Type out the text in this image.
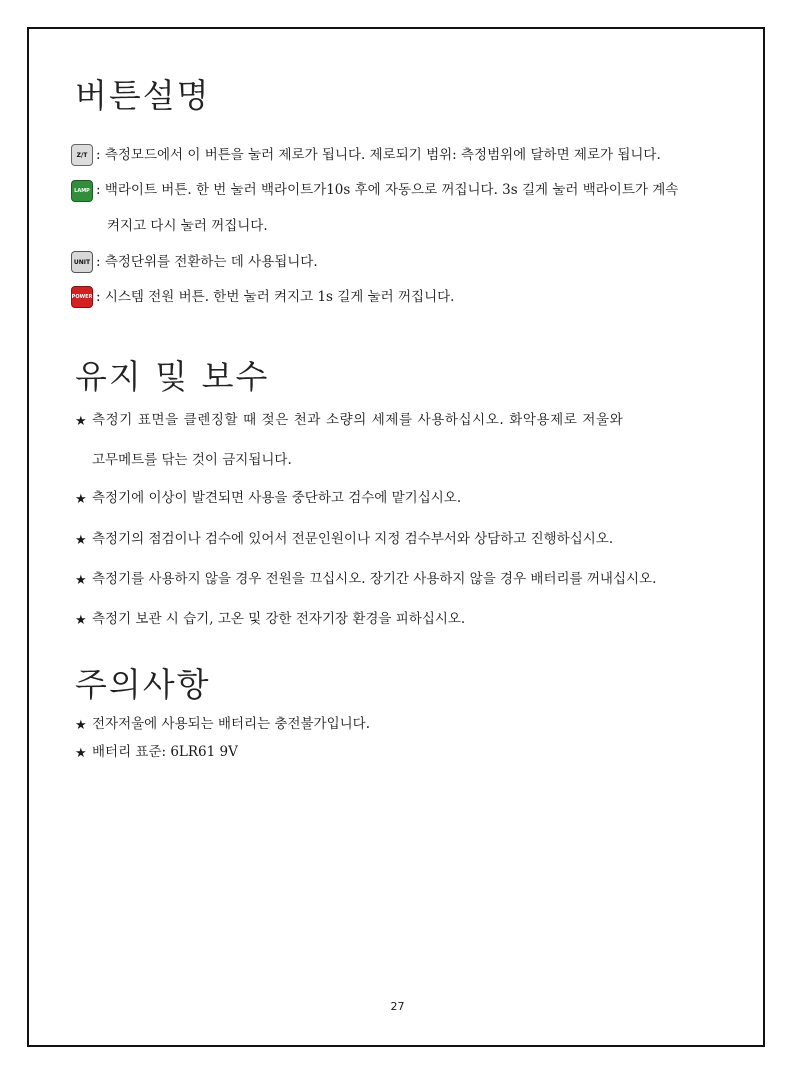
버튼설명
Z/T : 측정모드에서 이 버튼을 눌러 제로가 됩니다. 제로되기 범위: 측정범위에 달하면 제로가 됩니다.
LAMP : 백라이트 버튼. 한 번 눌러 백라이트가10s 후에 자동으로 꺼집니다. 3s 길게 눌러 백라이트가 계속
켜지고 다시 눌러 꺼집니다.
UNIT : 측정단위를 전환하는 데 사용됩니다.
POWER : 시스템 전원 버튼. 한번 눌러 켜지고 1s 길게 눌러 꺼집니다.
유지 및 보수
★ 측정기 표면을 클렌징할 때 젖은 천과 소량의 세제를 사용하십시오. 화악용제로 저울와
고무메트를 닦는 것이 금지됩니다.
★ 측정기에 이상이 발견되면 사용을 중단하고 검수에 맡기십시오.
★ 측정기의 점검이나 검수에 있어서 전문인원이나 지정 검수부서와 상담하고 진행하십시오.
★ 측정기를 사용하지 않을 경우 전원을 끄십시오. 장기간 사용하지 않을 경우 배터리를 꺼내십시오.
★ 측정기 보관 시 습기, 고온 및 강한 전자기장 환경을 피하십시오.
주의사항
★ 전자저울에 사용되는 배터리는 충전불가입니다.
★ 배터리 표준: 6LR61 9V
27
